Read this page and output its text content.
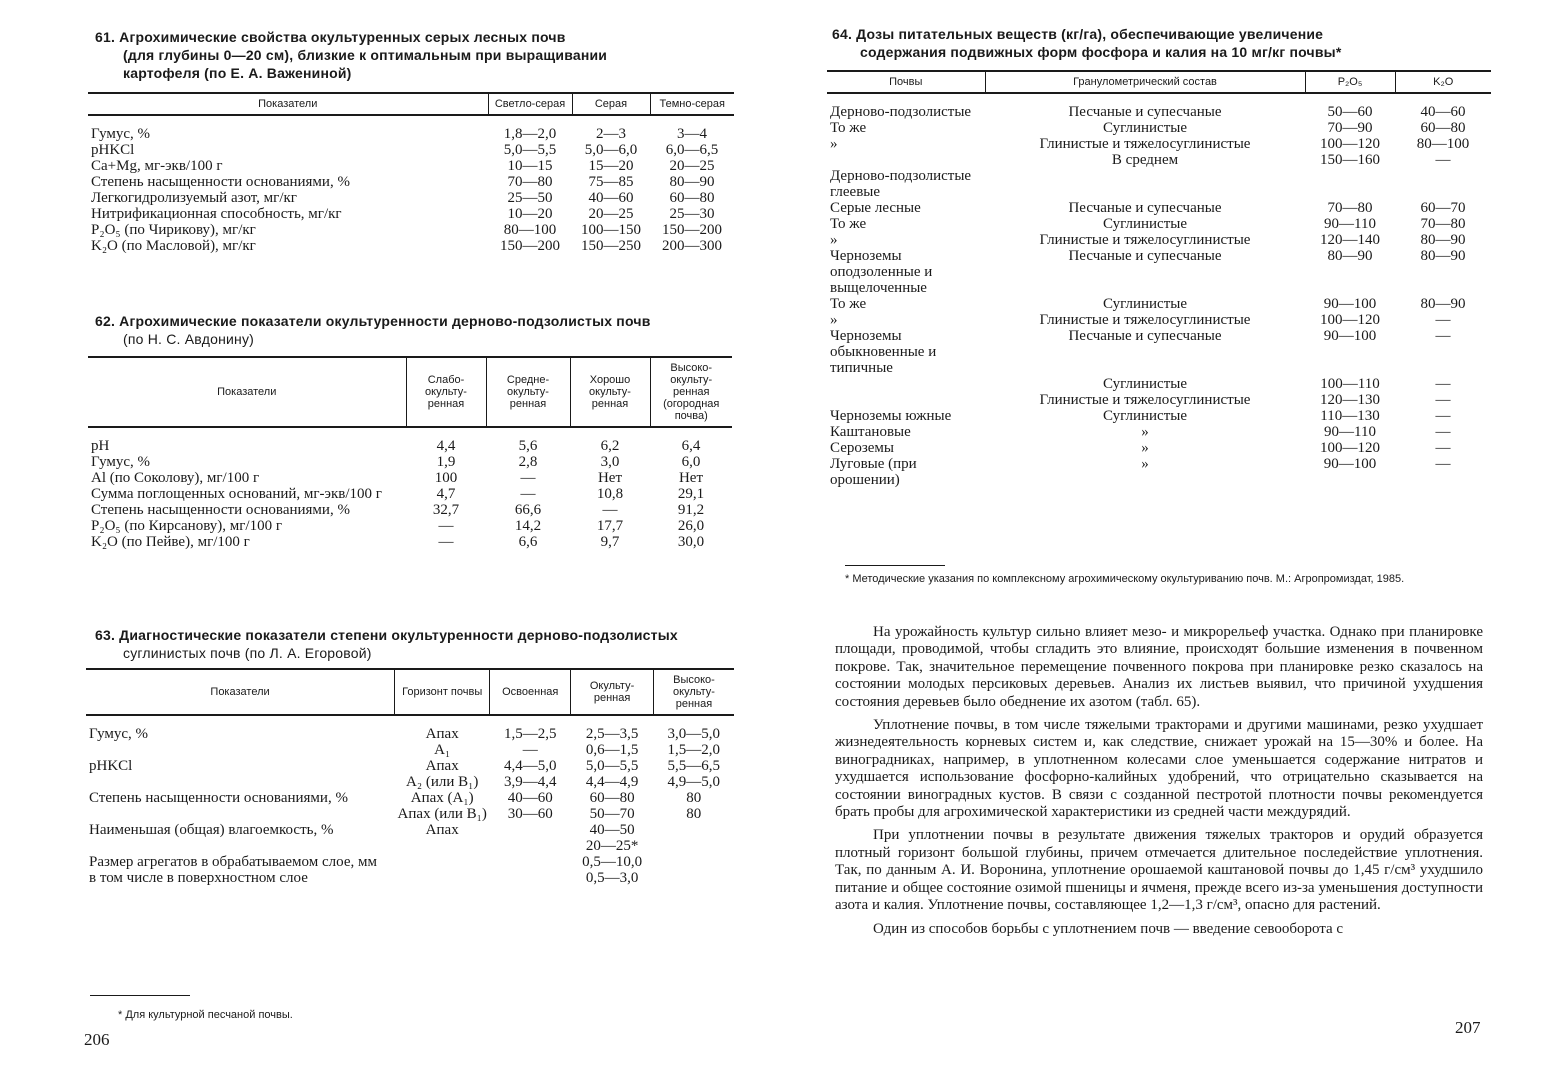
61. Агрохимические свойства окультуренных серых лесных почв
(для глубины 0—20 см), близкие к оптимальным при выращивании
картофеля (по Е. А. Важениной)
Показатели	Светло-серая	Серая	Темно-серая
Гумус, %	1,8—2,0	2—3	3—4
pHKCl	5,0—5,5	5,0—6,0	6,0—6,5
Ca+Mg, мг-экв/100 г	10—15	15—20	20—25
Степень насыщенности основаниями, %	70—80	75—85	80—90
Легкогидролизуемый азот, мг/кг	25—50	40—60	60—80
Нитрификационная способность, мг/кг	10—20	20—25	25—30
P₂O₅ (по Чирикову), мг/кг	80—100	100—150	150—200
K₂O (по Масловой), мг/кг	150—200	150—250	200—300
62. Агрохимические показатели окультуренности дерново-подзолистых почв
(по Н. С. Авдонину)
Показатели	Слабо-окульту-ренная	Средне-окульту-ренная	Хорошо окульту-ренная	Высоко-окульту-ренная (огородная почва)
pH	4,4	5,6	6,2	6,4
Гумус, %	1,9	2,8	3,0	6,0
Al (по Соколову), мг/100 г	100	—	Нет	Нет
Сумма поглощенных оснований, мг-экв/100 г	4,7	—	10,8	29,1
Степень насыщенности основаниями, %	32,7	66,6	—	91,2
P₂O₅ (по Кирсанову), мг/100 г	—	14,2	17,7	26,0
K₂O (по Пейве), мг/100 г	—	6,6	9,7	30,0
63. Диагностические показатели степени окультуренности дерново-подзолистых
суглинистых почв (по Л. А. Егоровой)
Показатели	Горизонт почвы	Освоенная	Окульту-ренная	Высоко-окульту-ренная
Гумус, %	Aпах	1,5—2,5	2,5—3,5	3,0—5,0
	A₁	—	0,6—1,5	1,5—2,0
pHKCl	Aпах	4,4—5,0	5,0—5,5	5,5—6,5
	A₂ (или B₁)	3,9—4,4	4,4—4,9	4,9—5,0
Степень насыщенности основаниями, %	Aпах (A₁)	40—60	60—80	80
	Aпах (или B₁)	30—60	50—70	80
Наименьшая (общая) влагоемкость, %	Aпах		40—50	
			20—25*	
Размер агрегатов в обрабатываемом слое, мм			0,5—10,0	
в том числе в поверхностном слое			0,5—3,0	
* Для культурной песчаной почвы.
206
64. Дозы питательных веществ (кг/га), обеспечивающие увеличение
содержания подвижных форм фосфора и калия на 10 мг/кг почвы*
Почвы	Гранулометрический состав	P₂O₅	K₂O
Дерново-подзолистые	Песчаные и супесчаные	50—60	40—60
То же	Суглинистые	70—90	60—80
»	Глинистые и тяжелосуглинистые	100—120	80—100
	В среднем	150—160	—
Дерново-подзолистые глеевые			
Серые лесные	Песчаные и супесчаные	70—80	60—70
То же	Суглинистые	90—110	70—80
»	Глинистые и тяжелосуглинистые	120—140	80—90
Черноземы оподзоленные и выщелоченные	Песчаные и супесчаные	80—90	80—90
То же	Суглинистые	90—100	80—90
»	Глинистые и тяжелосуглинистые	100—120	—
Черноземы обыкновенные и типичные	Песчаные и супесчаные	90—100	—
	Суглинистые	100—110	—
	Глинистые и тяжелосуглинистые	120—130	—
Черноземы южные	Суглинистые	110—130	—
Каштановые	»	90—110	—
Сероземы	»	100—120	—
Луговые (при орошении)	»	90—100	—
* Методические указания по комплексному агрохимическому окультуриванию почв. М.: Агропромиздат, 1985.

На урожайность культур сильно влияет мезо- и микрорельеф участка. Однако при планировке площади, проводимой, чтобы сгладить это влияние, происходят большие изменения в почвенном покрове. Так, значительное перемещение почвенного покрова при планировке резко сказалось на состоянии молодых персиковых деревьев. Анализ их листьев выявил, что причиной ухудшения состояния деревьев было обеднение их азотом (табл. 65).

Уплотнение почвы, в том числе тяжелыми тракторами и другими машинами, резко ухудшает жизнедеятельность корневых систем и, как следствие, снижает урожай на 15—30% и более. На виноградниках, например, в уплотненном колесами слое уменьшается содержание нитратов и ухудшается использование фосфорно-калийных удобрений, что отрицательно сказывается на состоянии виноградных кустов. В связи с созданной пестротой плотности почвы рекомендуется брать пробы для агрохимической характеристики из средней части междурядий.

При уплотнении почвы в результате движения тяжелых тракторов и орудий образуется плотный горизонт большой глубины, причем отмечается длительное последействие уплотнения. Так, по данным А. И. Воронина, уплотнение орошаемой каштановой почвы до 1,45 г/см³ ухудшило питание и общее состояние озимой пшеницы и ячменя, прежде всего из-за уменьшения доступности азота и калия. Уплотнение почвы, составляющее 1,2—1,3 г/см³, опасно для растений.

Один из способов борьбы с уплотнением почв — введение севооборота с

207
